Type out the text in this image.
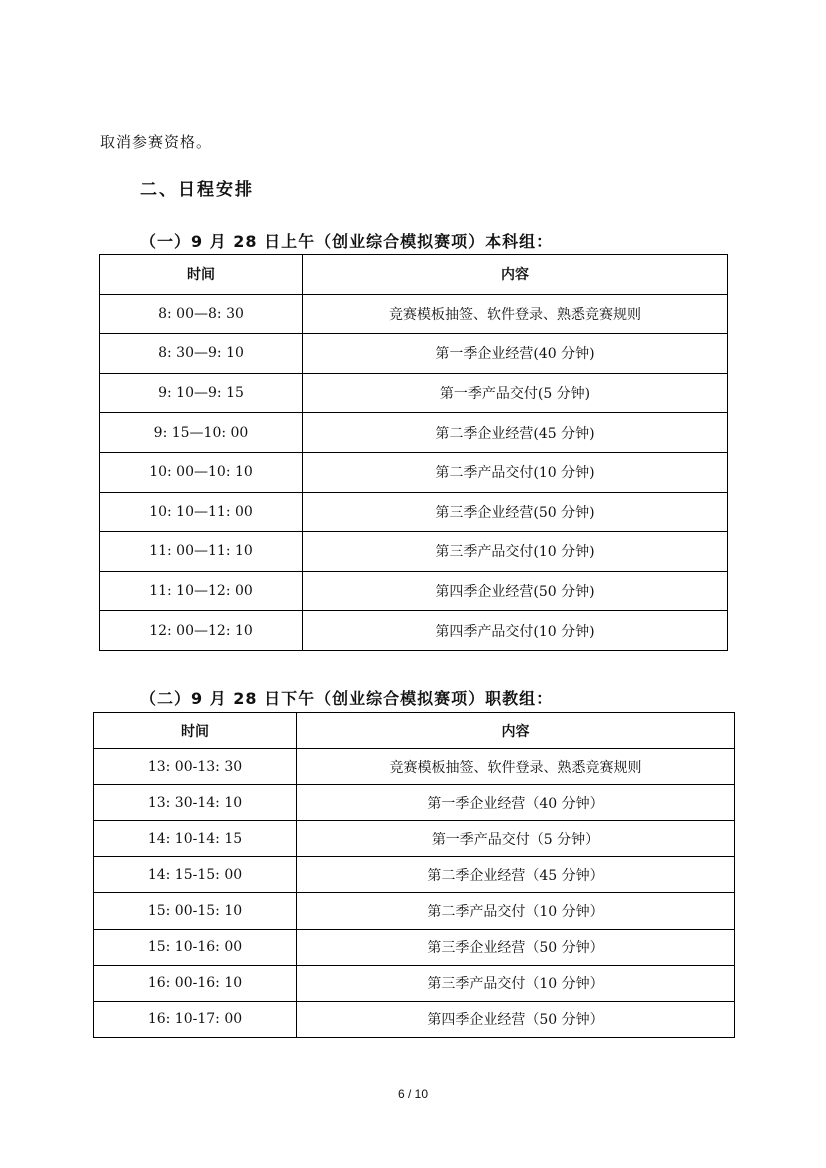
取消参赛资格。
二、日程安排
（一）9 月 28 日上午（创业综合模拟赛项）本科组：
时间	内容
8: 00—8: 30	竞赛模板抽签、软件登录、熟悉竞赛规则
8: 30—9: 10	第一季企业经营(40 分钟)
9: 10—9: 15	第一季产品交付(5 分钟)
9: 15—10: 00	第二季企业经营(45 分钟)
10: 00—10: 10	第二季产品交付(10 分钟)
10: 10—11: 00	第三季企业经营(50 分钟)
11: 00—11: 10	第三季产品交付(10 分钟)
11: 10—12: 00	第四季企业经营(50 分钟)
12: 00—12: 10	第四季产品交付(10 分钟)
（二）9 月 28 日下午（创业综合模拟赛项）职教组：
时间	内容
13: 00-13: 30	竞赛模板抽签、软件登录、熟悉竞赛规则
13: 30-14: 10	第一季企业经营（40 分钟）
14: 10-14: 15	第一季产品交付（5 分钟）
14: 15-15: 00	第二季企业经营（45 分钟）
15: 00-15: 10	第二季产品交付（10 分钟）
15: 10-16: 00	第三季企业经营（50 分钟）
16: 00-16: 10	第三季产品交付（10 分钟）
16: 10-17: 00	第四季企业经营（50 分钟）
6 / 10
